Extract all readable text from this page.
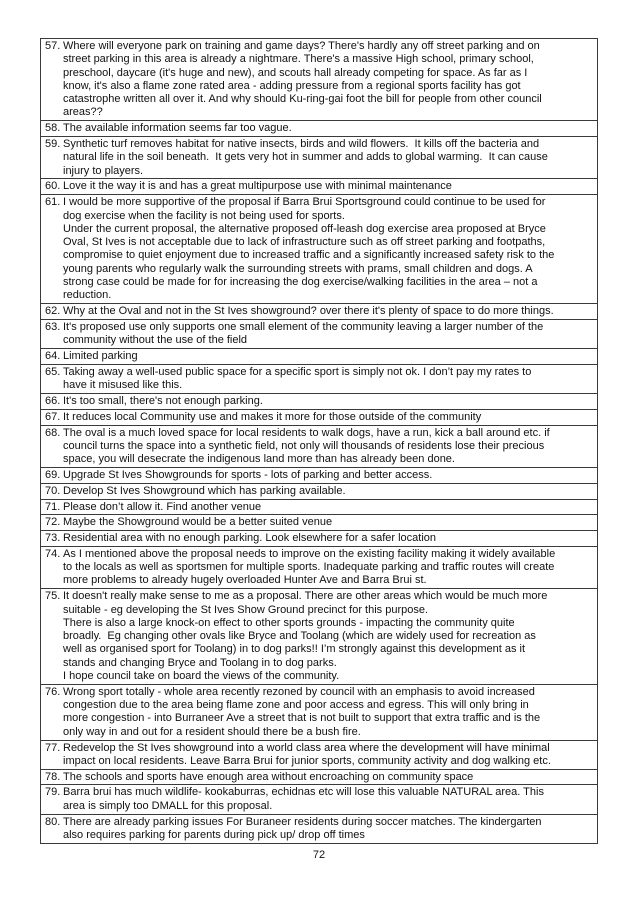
57. Where will everyone park on training and game days? There's hardly any off street parking and on
street parking in this area is already a nightmare. There's a massive High school, primary school,
preschool, daycare (it's huge and new), and scouts hall already competing for space. As far as I
know, it's also a flame zone rated area - adding pressure from a regional sports facility has got
catastrophe written all over it. And why should Ku-ring-gai foot the bill for people from other council
areas??
58. The available information seems far too vague.
59. Synthetic turf removes habitat for native insects, birds and wild flowers.  It kills off the bacteria and
natural life in the soil beneath.  It gets very hot in summer and adds to global warming.  It can cause
injury to players.
60. Love it the way it is and has a great multipurpose use with minimal maintenance
61. I would be more supportive of the proposal if Barra Brui Sportsground could continue to be used for
dog exercise when the facility is not being used for sports.
Under the current proposal, the alternative proposed off-leash dog exercise area proposed at Bryce
Oval, St Ives is not acceptable due to lack of infrastructure such as off street parking and footpaths,
compromise to quiet enjoyment due to increased traffic and a significantly increased safety risk to the
young parents who regularly walk the surrounding streets with prams, small children and dogs. A
strong case could be made for for increasing the dog exercise/walking facilities in the area – not a
reduction.
62. Why at the Oval and not in the St Ives showground? over there it's plenty of space to do more things.
63. It's proposed use only supports one small element of the community leaving a larger number of the
community without the use of the field
64. Limited parking
65. Taking away a well-used public space for a specific sport is simply not ok. I don’t pay my rates to
have it misused like this.
66. It's too small, there's not enough parking.
67. It reduces local Community use and makes it more for those outside of the community
68. The oval is a much loved space for local residents to walk dogs, have a run, kick a ball around etc. if
council turns the space into a synthetic field, not only will thousands of residents lose their precious
space, you will desecrate the indigenous land more than has already been done.
69. Upgrade St Ives Showgrounds for sports - lots of parking and better access.
70. Develop St Ives Showground which has parking available.
71. Please don’t allow it. Find another venue
72. Maybe the Showground would be a better suited venue
73. Residential area with no enough parking. Look elsewhere for a safer location
74. As I mentioned above the proposal needs to improve on the existing facility making it widely available
to the locals as well as sportsmen for multiple sports. Inadequate parking and traffic routes will create
more problems to already hugely overloaded Hunter Ave and Barra Brui st.
75. It doesn't really make sense to me as a proposal. There are other areas which would be much more
suitable - eg developing the St Ives Show Ground precinct for this purpose.
There is also a large knock-on effect to other sports grounds - impacting the community quite
broadly.  Eg changing other ovals like Bryce and Toolang (which are widely used for recreation as
well as organised sport for Toolang) in to dog parks!! I’m strongly against this development as it
stands and changing Bryce and Toolang in to dog parks.
I hope council take on board the views of the community.
76. Wrong sport totally - whole area recently rezoned by council with an emphasis to avoid increased
congestion due to the area being flame zone and poor access and egress. This will only bring in
more congestion - into Burraneer Ave a street that is not built to support that extra traffic and is the
only way in and out for a resident should there be a bush fire.
77. Redevelop the St Ives showground into a world class area where the development will have minimal
impact on local residents. Leave Barra Brui for junior sports, community activity and dog walking etc.
78. The schools and sports have enough area without encroaching on community space
79. Barra brui has much wildlife- kookaburras, echidnas etc will lose this valuable NATURAL area. This
area is simply too DMALL for this proposal.
80. There are already parking issues For Buraneer residents during soccer matches. The kindergarten
also requires parking for parents during pick up/ drop off times
72
